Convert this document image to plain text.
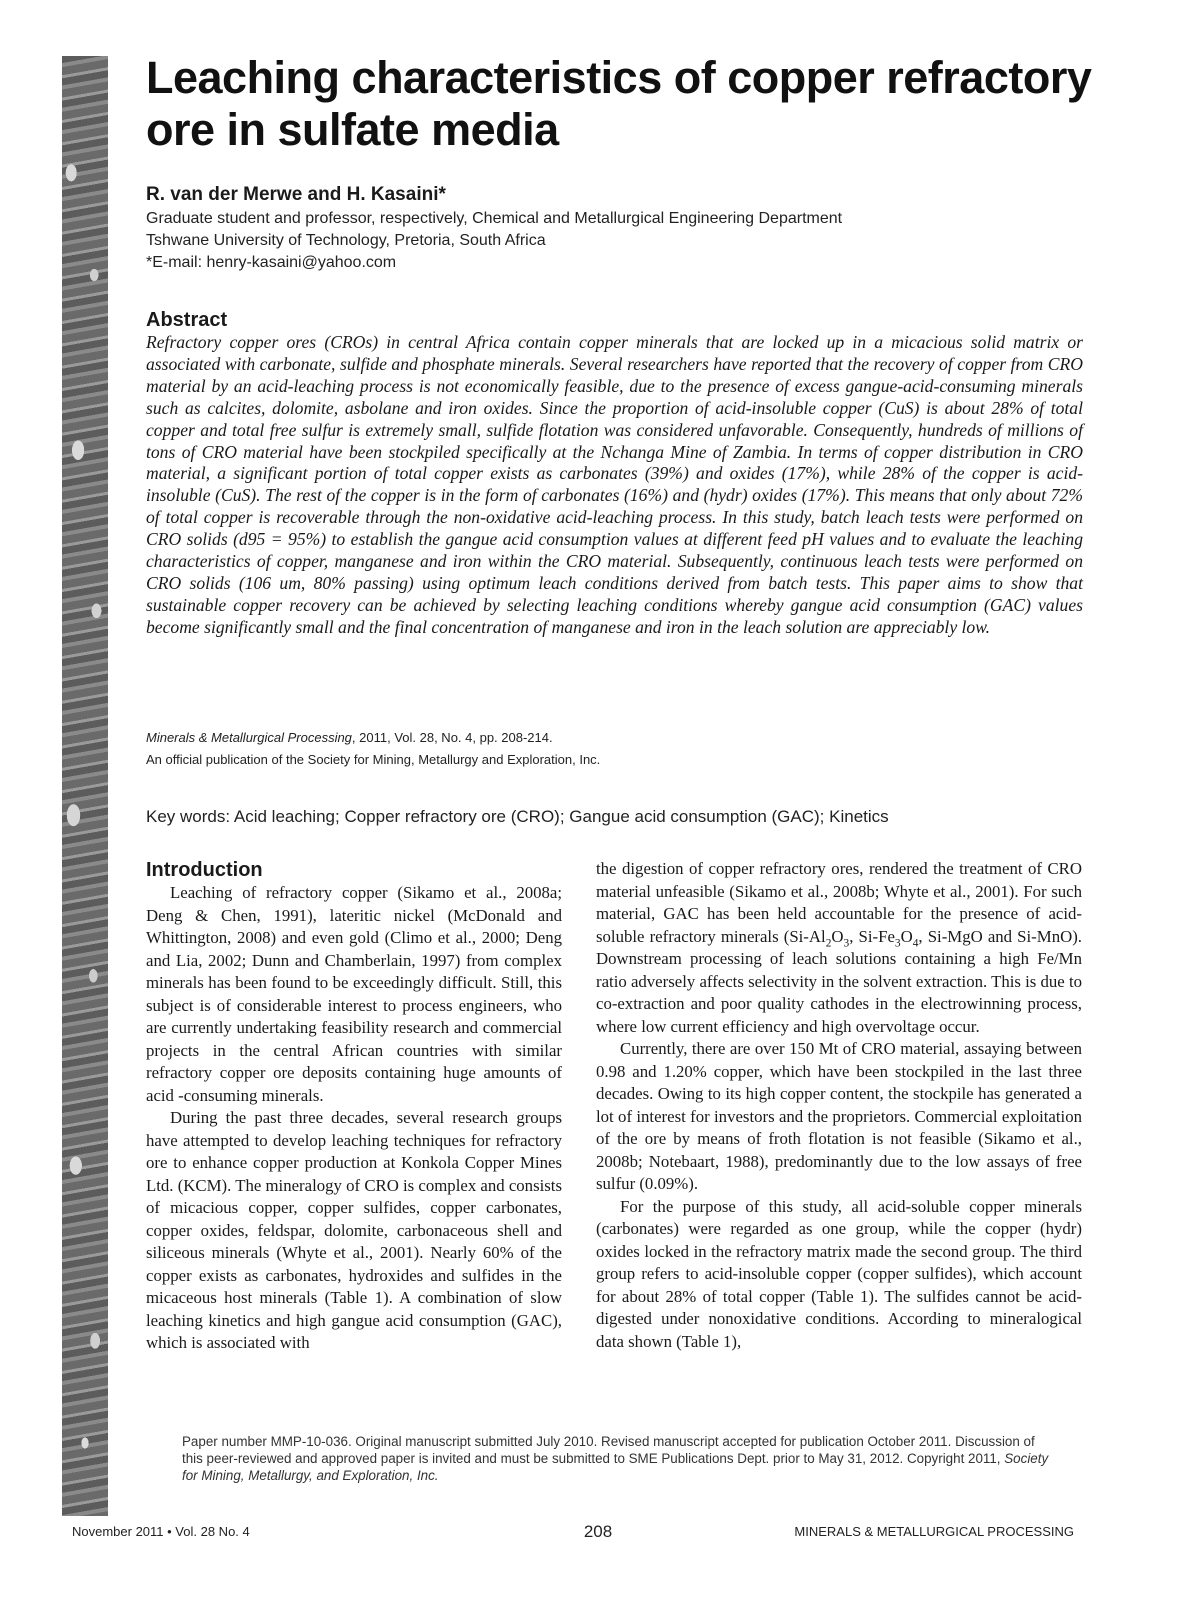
Leaching characteristics of copper refractory ore in sulfate media
R. van der Merwe and H. Kasaini*
Graduate student and professor, respectively, Chemical and Metallurgical Engineering Department
Tshwane University of Technology, Pretoria, South Africa
*E-mail: henry-kasaini@yahoo.com
Abstract

Refractory copper ores (CROs) in central Africa contain copper minerals that are locked up in a micacious solid matrix or associated with carbonate, sulfide and phosphate minerals. Several researchers have reported that the recovery of copper from CRO material by an acid-leaching process is not economically feasible, due to the presence of excess gangue-acid-consuming minerals such as calcites, dolomite, asbolane and iron oxides. Since the proportion of acid-insoluble copper (CuS) is about 28% of total copper and total free sulfur is extremely small, sulfide flotation was considered unfavorable. Consequently, hundreds of millions of tons of CRO material have been stockpiled specifically at the Nchanga Mine of Zambia. In terms of copper distribution in CRO material, a significant portion of total copper exists as carbonates (39%) and oxides (17%), while 28% of the copper is acid-insoluble (CuS). The rest of the copper is in the form of carbonates (16%) and (hydr) oxides (17%). This means that only about 72% of total copper is recoverable through the non-oxidative acid-leaching process. In this study, batch leach tests were performed on CRO solids (d95 = 95%) to establish the gangue acid consumption values at different feed pH values and to evaluate the leaching characteristics of copper, manganese and iron within the CRO material. Subsequently, continuous leach tests were performed on CRO solids (106 um, 80% passing) using optimum leach conditions derived from batch tests. This paper aims to show that sustainable copper recovery can be achieved by selecting leaching conditions whereby gangue acid consumption (GAC) values become significantly small and the final concentration of manganese and iron in the leach solution are appreciably low.

Minerals & Metallurgical Processing, 2011, Vol. 28, No. 4, pp. 208-214.
An official publication of the Society for Mining, Metallurgy and Exploration, Inc.
Key words: Acid leaching; Copper refractory ore (CRO); Gangue acid consumption (GAC); Kinetics
Introduction

Leaching of refractory copper (Sikamo et al., 2008a; Deng & Chen, 1991), lateritic nickel (McDonald and Whittington, 2008) and even gold (Climo et al., 2000; Deng and Lia, 2002; Dunn and Chamberlain, 1997) from complex minerals has been found to be exceedingly difficult. Still, this subject is of considerable interest to process engineers, who are currently undertaking feasibility research and commercial projects in the central African countries with similar refractory copper ore deposits containing huge amounts of acid -consuming minerals.

During the past three decades, several research groups have attempted to develop leaching techniques for refractory ore to enhance copper production at Konkola Copper Mines Ltd. (KCM). The mineralogy of CRO is complex and consists of micacious copper, copper sulfides, copper carbonates, copper oxides, feldspar, dolomite, carbonaceous shell and siliceous minerals (Whyte et al., 2001). Nearly 60% of the copper exists as carbonates, hydroxides and sulfides in the micaceous host minerals (Table 1). A combination of slow leaching kinetics and high gangue acid consumption (GAC), which is associated with

the digestion of copper refractory ores, rendered the treatment of CRO material unfeasible (Sikamo et al., 2008b; Whyte et al., 2001). For such material, GAC has been held accountable for the presence of acid-soluble refractory minerals ($Si-Al_2O_3$, $Si-Fe_3O_4$, Si-MgO and Si-MnO). Downstream processing of leach solutions containing a high Fe/Mn ratio adversely affects selectivity in the solvent extraction. This is due to co-extraction and poor quality cathodes in the electrowinning process, where low current efficiency and high overvoltage occur.

Currently, there are over 150 Mt of CRO material, assaying between 0.98 and 1.20% copper, which have been stockpiled in the last three decades. Owing to its high copper content, the stockpile has generated a lot of interest for investors and the proprietors. Commercial exploitation of the ore by means of froth flotation is not feasible (Sikamo et al., 2008b; Notebaart, 1988), predominantly due to the low assays of free sulfur (0.09%).

For the purpose of this study, all acid-soluble copper minerals (carbonates) were regarded as one group, while the copper (hydr) oxides locked in the refractory matrix made the second group. The third group refers to acid-insoluble copper (copper sulfides), which account for about 28% of total copper (Table 1). The sulfides cannot be acid-digested under nonoxidative conditions. According to mineralogical data shown (Table 1),

Paper number MMP-10-036. Original manuscript submitted July 2010. Revised manuscript accepted for publication October 2011. Discussion of this peer-reviewed and approved paper is invited and must be submitted to SME Publications Dept. prior to May 31, 2012. Copyright 2011, Society for Mining, Metallurgy, and Exploration, Inc.

November 2011 • Vol. 28 No. 4	208	MINERALS & METALLURGICAL PROCESSING
